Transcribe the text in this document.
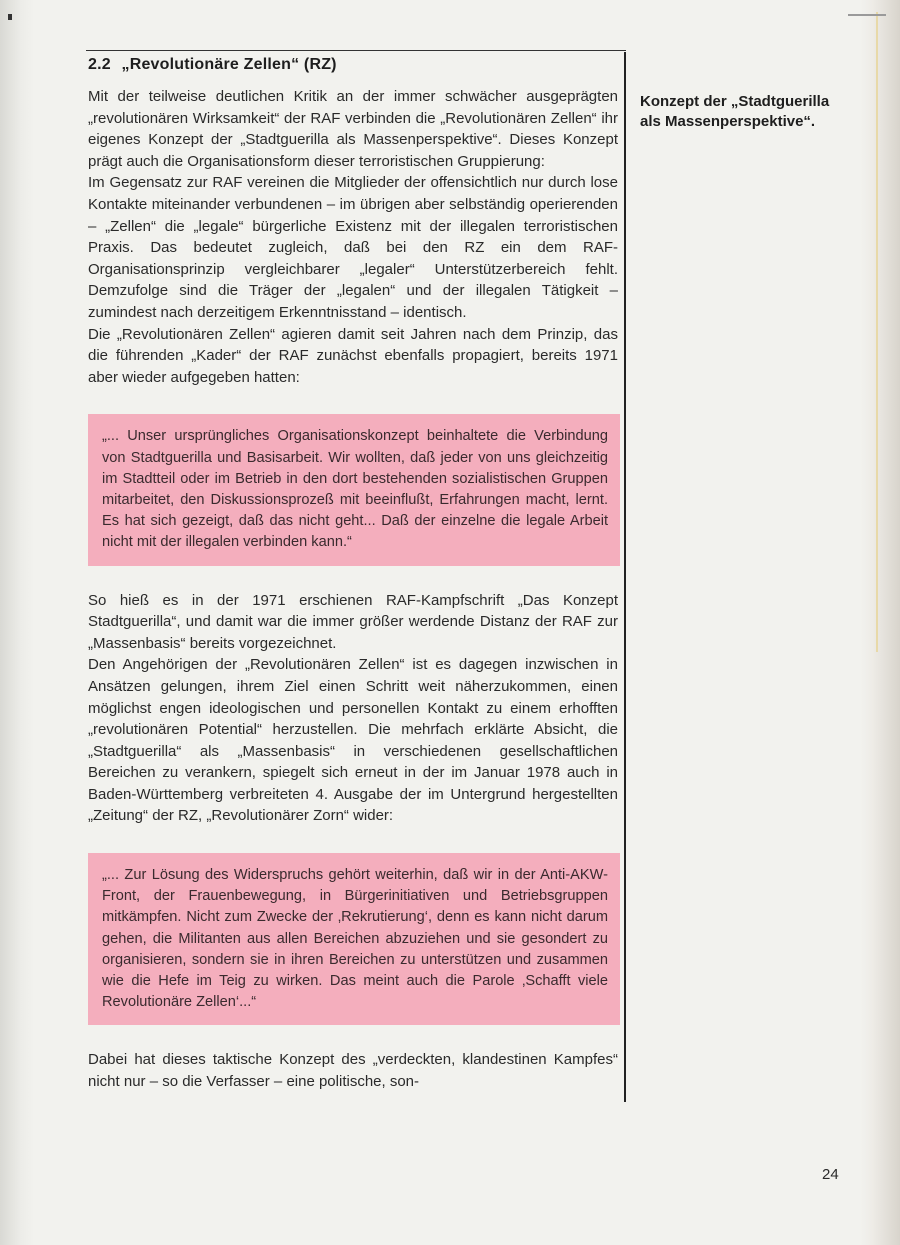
2.2 „Revolutionäre Zellen“ (RZ)

Mit der teilweise deutlichen Kritik an der immer schwächer ausgeprägten „revolutionären Wirksamkeit“ der RAF verbinden die „Revolutionären Zellen“ ihr eigenes Konzept der „Stadtguerilla als Massenperspektive“. Dieses Konzept prägt auch die Organisationsform dieser terroristischen Gruppierung:

Im Gegensatz zur RAF vereinen die Mitglieder der offensichtlich nur durch lose Kontakte miteinander verbundenen – im übrigen aber selbständig operierenden – „Zellen“ die „legale“ bürgerliche Existenz mit der illegalen terroristischen Praxis. Das bedeutet zugleich, daß bei den RZ ein dem RAF-Organisationsprinzip vergleichbarer „legaler“ Unterstützerbereich fehlt. Demzufolge sind die Träger der „legalen“ und der illegalen Tätigkeit – zumindest nach derzeitigem Erkenntnisstand – identisch.

Die „Revolutionären Zellen“ agieren damit seit Jahren nach dem Prinzip, das die führenden „Kader“ der RAF zunächst ebenfalls propagiert, bereits 1971 aber wieder aufgegeben hatten:

„... Unser ursprüngliches Organisationskonzept beinhaltete die Verbindung von Stadtguerilla und Basisarbeit. Wir wollten, daß jeder von uns gleichzeitig im Stadtteil oder im Betrieb in den dort bestehenden sozialistischen Gruppen mitarbeitet, den Diskussionsprozeß mit beeinflußt, Erfahrungen macht, lernt. Es hat sich gezeigt, daß das nicht geht... Daß der einzelne die legale Arbeit nicht mit der illegalen verbinden kann.“

So hieß es in der 1971 erschienen RAF-Kampfschrift „Das Konzept Stadtguerilla“, und damit war die immer größer werdende Distanz der RAF zur „Massenbasis“ bereits vorgezeichnet.

Den Angehörigen der „Revolutionären Zellen“ ist es dagegen inzwischen in Ansätzen gelungen, ihrem Ziel einen Schritt weit näherzukommen, einen möglichst engen ideologischen und personellen Kontakt zu einem erhofften „revolutionären Potential“ herzustellen. Die mehrfach erklärte Absicht, die „Stadtguerilla“ als „Massenbasis“ in verschiedenen gesellschaftlichen Bereichen zu verankern, spiegelt sich erneut in der im Januar 1978 auch in Baden-Württemberg verbreiteten 4. Ausgabe der im Untergrund hergestellten „Zeitung“ der RZ, „Revolutionärer Zorn“ wider:

„... Zur Lösung des Widerspruchs gehört weiterhin, daß wir in der Anti-AKW-Front, der Frauenbewegung, in Bürgerinitiativen und Betriebsgruppen mitkämpfen. Nicht zum Zwecke der ‚Rekrutierung‘, denn es kann nicht darum gehen, die Militanten aus allen Bereichen abzuziehen und sie gesondert zu organisieren, sondern sie in ihren Bereichen zu unterstützen und zusammen wie die Hefe im Teig zu wirken. Das meint auch die Parole ‚Schafft viele Revolutionäre Zellen‘...“

Dabei hat dieses taktische Konzept des „verdeckten, klandestinen Kampfes“ nicht nur – so die Verfasser – eine politische, son-

Konzept der „Stadtguerilla als Massenperspektive“.
24
